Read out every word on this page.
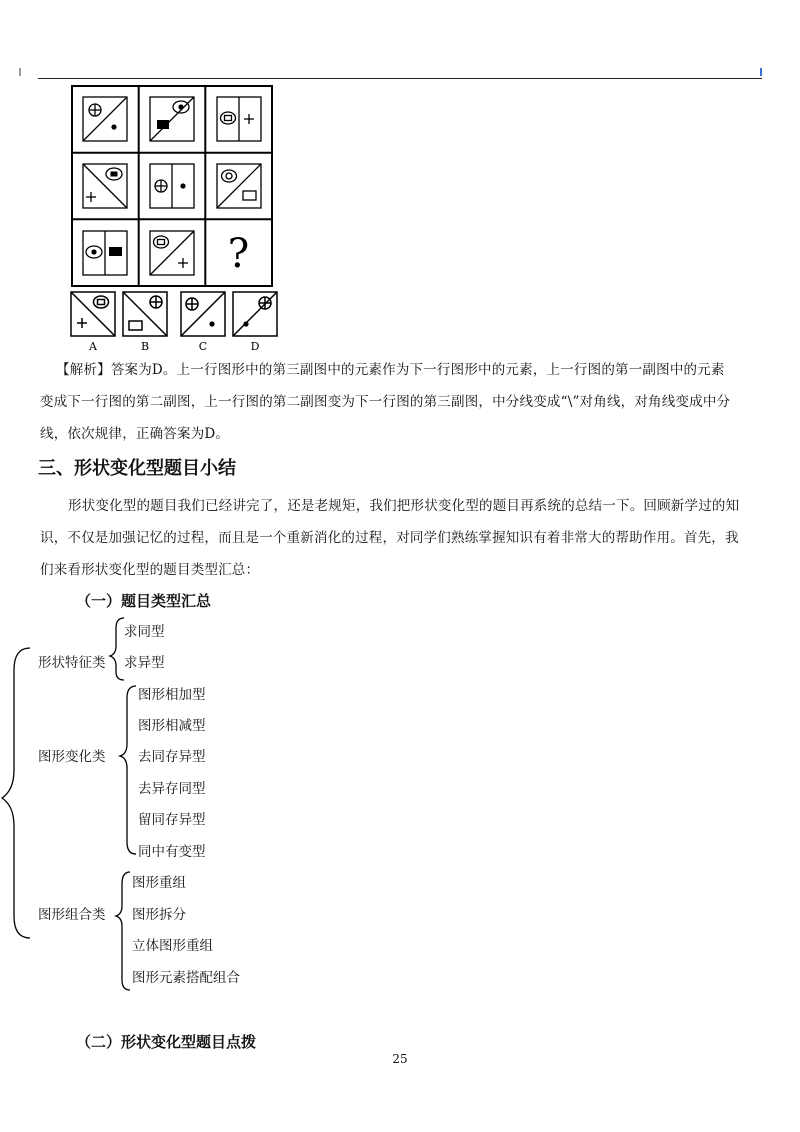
?
A	B	C	D
【解析】答案为D。上一行图形中的第三副图中的元素作为下一行图形中的元素，上一行图的第一副图中的元素
变成下一行图的第二副图，上一行图的第二副图变为下一行图的第三副图，中分线变成“\”对角线，对角线变成中分
线，依次规律，正确答案为D。
三、形状变化型题目小结
形状变化型的题目我们已经讲完了，还是老规矩，我们把形状变化型的题目再系统的总结一下。回顾新学过的知
识，不仅是加强记忆的过程，而且是一个重新消化的过程，对同学们熟练掌握知识有着非常大的帮助作用。首先，我
们来看形状变化型的题目类型汇总：
（一）题目类型汇总
形状特征类
求同型
求异型
图形变化类
图形相加型
图形相减型
去同存异型
去异存同型
留同存异型
同中有变型
图形组合类
图形重组
图形拆分
立体图形重组
图形元素搭配组合
（二）形状变化型题目点拨
25
